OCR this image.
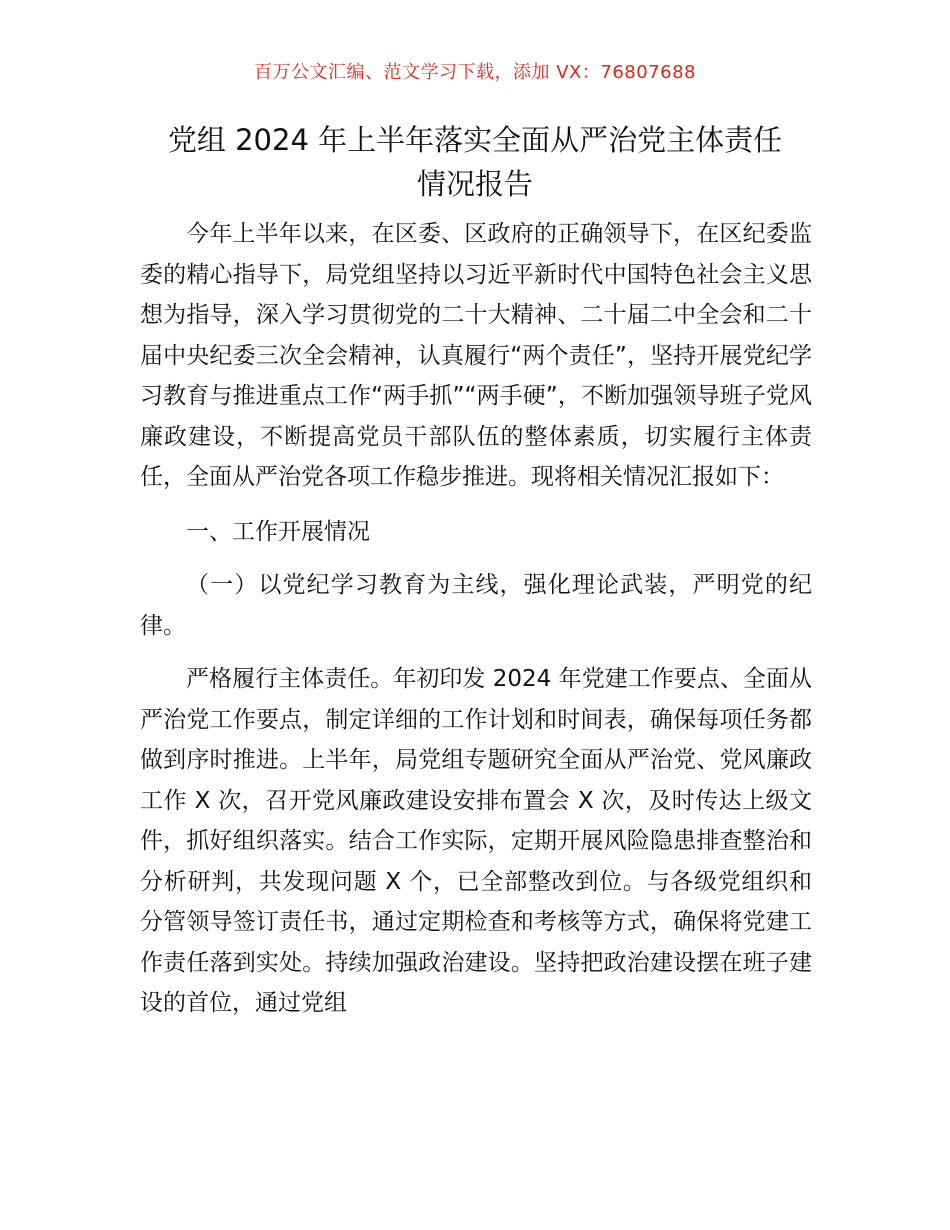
百万公文汇编、范文学习下载，添加 VX：76807688
党组 2024 年上半年落实全面从严治党主体责任
情况报告

今年上半年以来，在区委、区政府的正确领导下，在区纪委监委的精心指导下，局党组坚持以习近平新时代中国特色社会主义思想为指导，深入学习贯彻党的二十大精神、二十届二中全会和二十届中央纪委三次全会精神，认真履行“两个责任”，坚持开展党纪学习教育与推进重点工作“两手抓”“两手硬”，不断加强领导班子党风廉政建设，不断提高党员干部队伍的整体素质，切实履行主体责任，全面从严治党各项工作稳步推进。现将相关情况汇报如下：

一、工作开展情况

（一）以党纪学习教育为主线，强化理论武装，严明党的纪律。

严格履行主体责任。年初印发 2024 年党建工作要点、全面从严治党工作要点，制定详细的工作计划和时间表，确保每项任务都做到序时推进。上半年，局党组专题研究全面从严治党、党风廉政工作 X 次，召开党风廉政建设安排布置会 X 次，及时传达上级文件，抓好组织落实。结合工作实际，定期开展风险隐患排查整治和分析研判，共发现问题 X 个，已全部整改到位。与各级党组织和分管领导签订责任书，通过定期检查和考核等方式，确保将党建工作责任落到实处。持续加强政治建设。坚持把政治建设摆在班子建设的首位，通过党组
